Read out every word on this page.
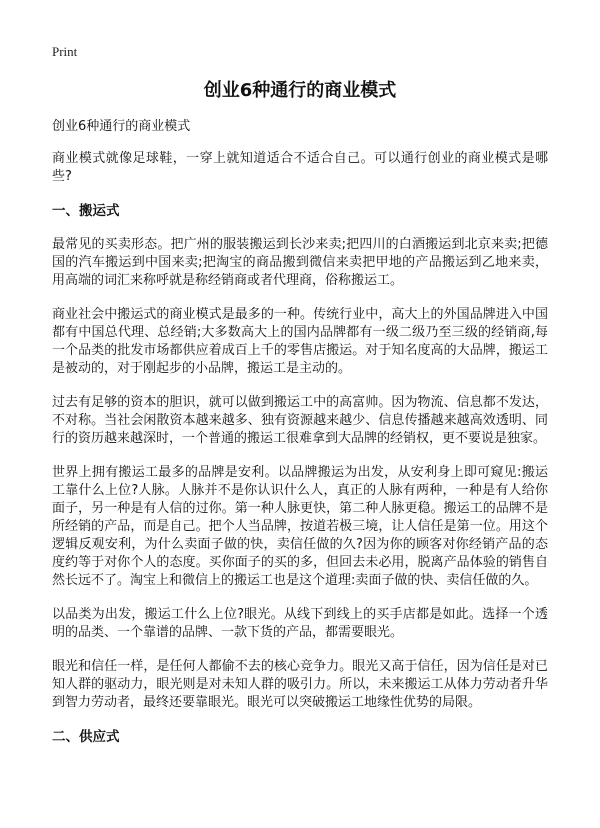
Print
创业6种通行的商业模式
创业6种通行的商业模式

商业模式就像足球鞋，一穿上就知道适合不适合自己。可以通行创业的商业模式是哪些?

一、搬运式

最常见的买卖形态。把广州的服装搬运到长沙来卖;把四川的白酒搬运到北京来卖;把德国的汽车搬运到中国来卖;把淘宝的商品搬到微信来卖把甲地的产品搬运到乙地来卖，用高端的词汇来称呼就是称经销商或者代理商，俗称搬运工。

商业社会中搬运式的商业模式是最多的一种。传统行业中，高大上的外国品牌进入中国都有中国总代理、总经销;大多数高大上的国内品牌都有一级二级乃至三级的经销商,每一个品类的批发市场都供应着成百上千的零售店搬运。对于知名度高的大品牌，搬运工是被动的，对于刚起步的小品牌，搬运工是主动的。

过去有足够的资本的胆识，就可以做到搬运工中的高富帅。因为物流、信息都不发达，不对称。当社会闲散资本越来越多、独有资源越来越少、信息传播越来越高效透明、同行的资历越来越深时，一个普通的搬运工很难拿到大品牌的经销权，更不要说是独家。

世界上拥有搬运工最多的品牌是安利。以品牌搬运为出发，从安利身上即可窥见:搬运工靠什么上位?人脉。人脉并不是你认识什么人，真正的人脉有两种，一种是有人给你面子，另一种是有人信的过你。第一种人脉更快，第二种人脉更稳。搬运工的品牌不是所经销的产品，而是自己。把个人当品牌，按道若极三境，让人信任是第一位。用这个逻辑反观安利，为什么卖面子做的快，卖信任做的久?因为你的顾客对你经销产品的态度约等于对你个人的态度。买你面子的买的多，但回去未必用，脱离产品体验的销售自然长远不了。淘宝上和微信上的搬运工也是这个道理:卖面子做的快、卖信任做的久。

以品类为出发，搬运工什么上位?眼光。从线下到线上的买手店都是如此。选择一个透明的品类、一个靠谱的品牌、一款下货的产品，都需要眼光。

眼光和信任一样，是任何人都偷不去的核心竞争力。眼光又高于信任，因为信任是对已知人群的驱动力，眼光则是对未知人群的吸引力。所以，未来搬运工从体力劳动者升华到智力劳动者，最终还要靠眼光。眼光可以突破搬运工地缘性优势的局限。

二、供应式
